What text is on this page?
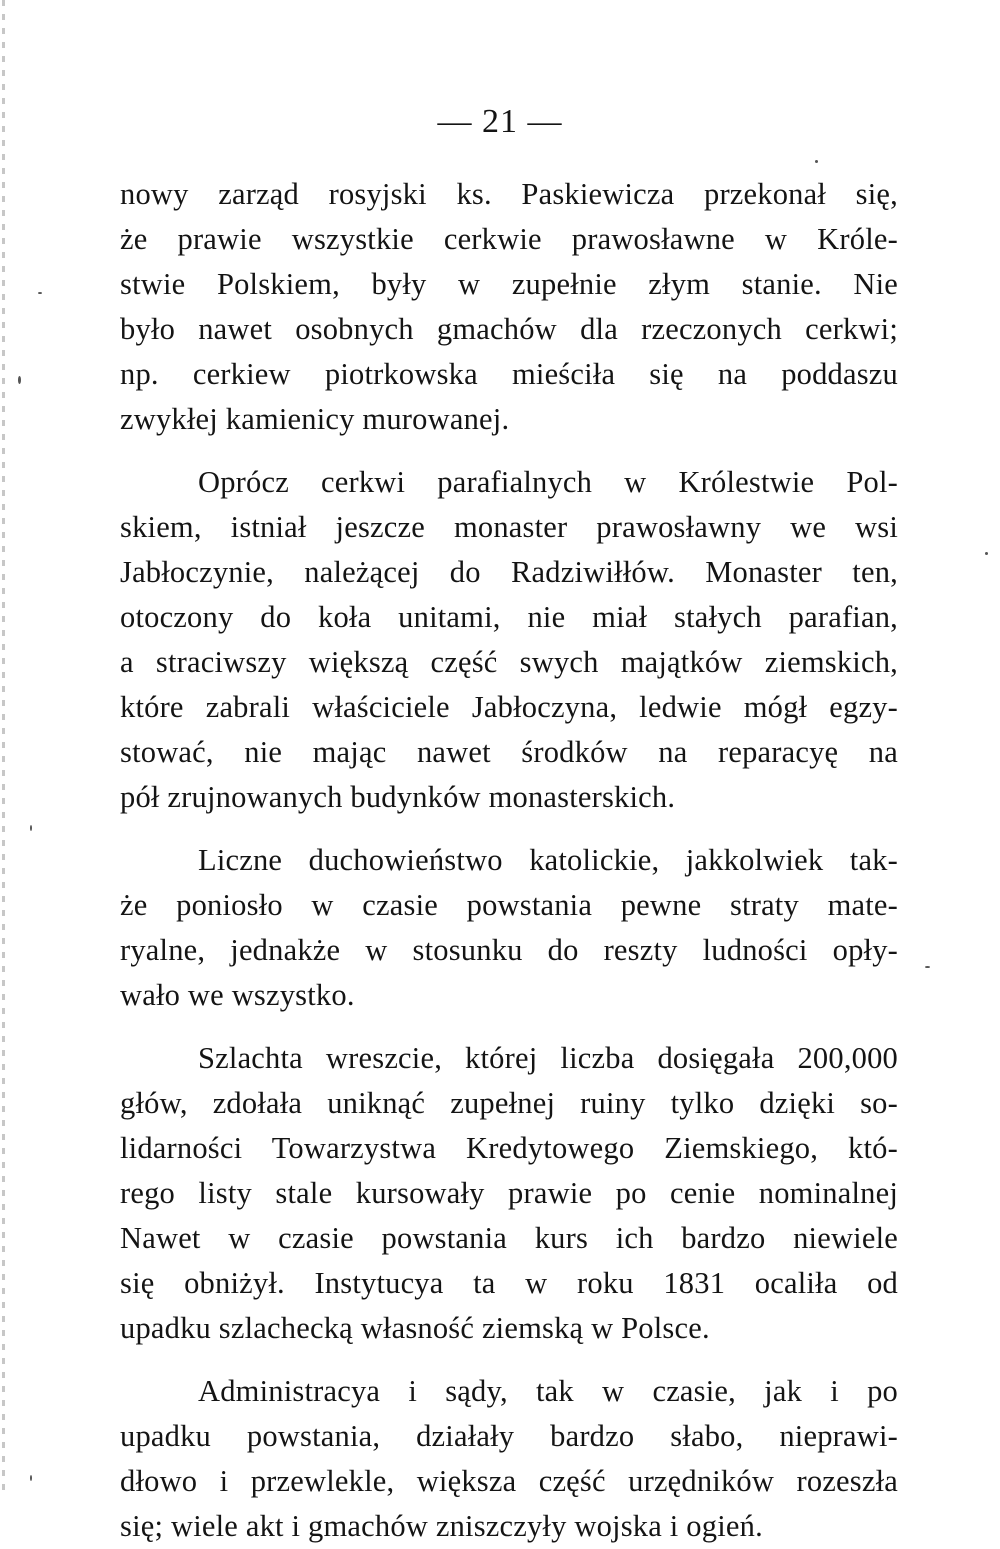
— 21 —

nowy zarząd rosyjski ks. Paskiewicza przekonał się,
że prawie wszystkie cerkwie prawosławne w Króle-
stwie Polskiem, były w zupełnie złym stanie. Nie
było nawet osobnych gmachów dla rzeczonych cerkwi;
np. cerkiew piotrkowska mieściła się na poddaszu
zwykłej kamienicy murowanej.

Oprócz cerkwi parafialnych w Królestwie Pol-
skiem, istniał jeszcze monaster prawosławny we wsi
Jabłoczynie, należącej do Radziwiłłów. Monaster ten,
otoczony do koła unitami, nie miał stałych parafian,
a straciwszy większą część swych majątków ziemskich,
które zabrali właściciele Jabłoczyna, ledwie mógł egzy-
stować, nie mając nawet środków na reparacyę na
pół zrujnowanych budynków monasterskich.

Liczne duchowieństwo katolickie, jakkolwiek tak-
że poniosło w czasie powstania pewne straty mate-
ryalne, jednakże w stosunku do reszty ludności opły-
wało we wszystko.

Szlachta wreszcie, której liczba dosięgała 200,000
głów, zdołała uniknąć zupełnej ruiny tylko dzięki so-
lidarności Towarzystwa Kredytowego Ziemskiego, któ-
rego listy stale kursowały prawie po cenie nominalnej
Nawet w czasie powstania kurs ich bardzo niewiele
się obniżył. Instytucya ta w roku 1831 ocaliła od
upadku szlachecką własność ziemską w Polsce.

Administracya i sądy, tak w czasie, jak i po
upadku powstania, działały bardzo słabo, nieprawi-
dłowo i przewlekle, większa część urzędników rozeszła
się; wiele akt i gmachów zniszczyły wojska i ogień.
